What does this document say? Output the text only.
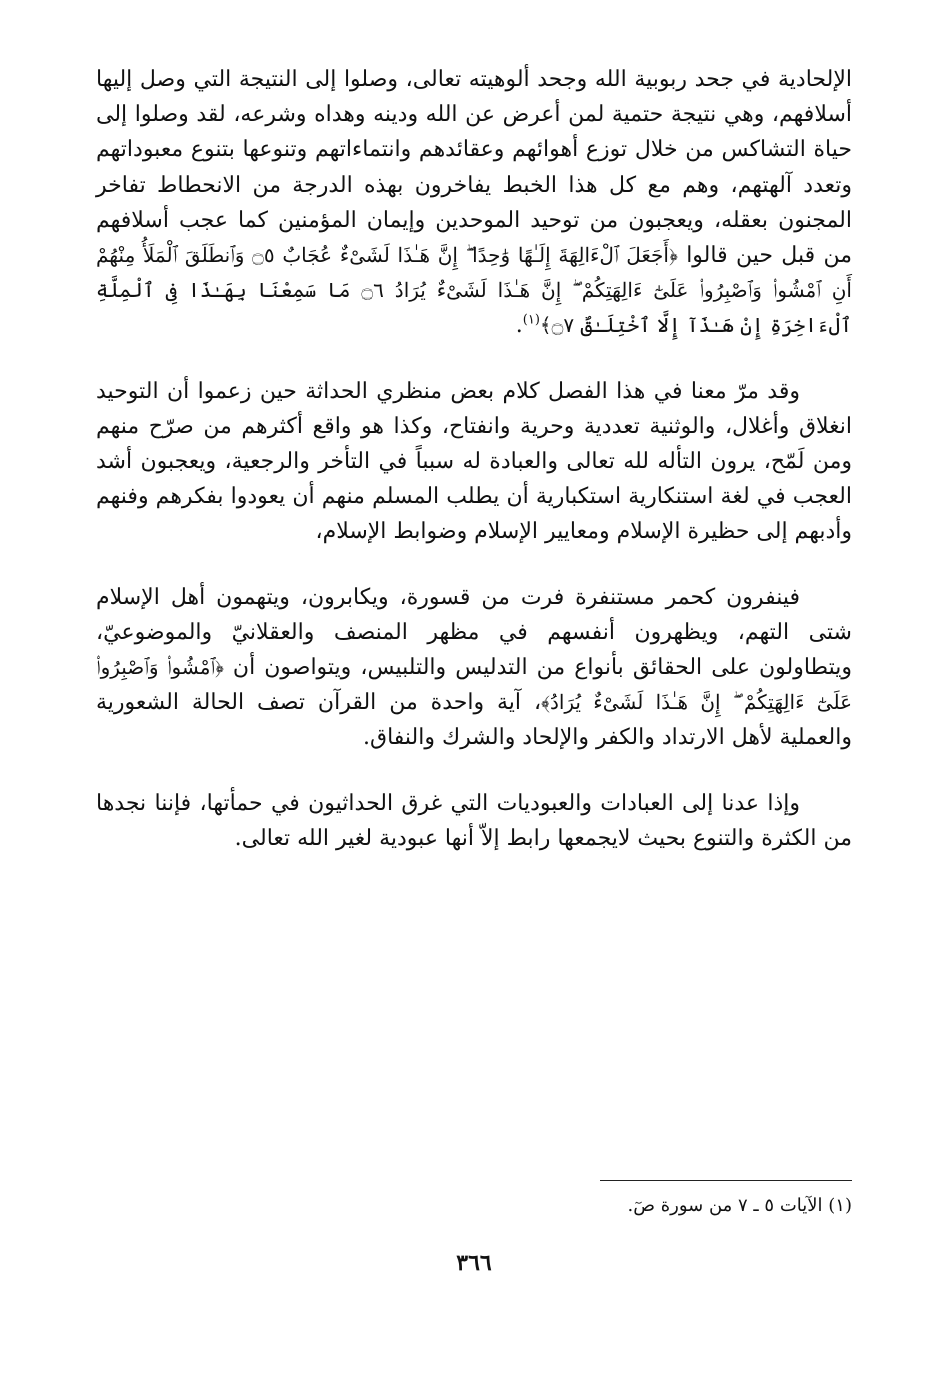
الإلحادية في جحد ربوبية الله وجحد ألوهيته تعالى، وصلوا إلى النتيجة التي وصل إليها أسلافهم، وهي نتيجة حتمية لمن أعرض عن الله ودينه وهداه وشرعه، لقد وصلوا إلى حياة التشاكس من خلال توزع أهوائهم وعقائدهم وانتماءاتهم وتنوعها بتنوع معبوداتهم وتعدد آلهتهم، وهم مع كل هذا الخبط يفاخرون بهذه الدرجة من الانحطاط تفاخر المجنون بعقله، ويعجبون من توحيد الموحدين وإيمان المؤمنين كما عجب أسلافهم من قبل حين قالوا ﴿أَجَعَلَ ٱلْءَالِهَةَ إِلَـٰهًا وَٰحِدًا ۖ إِنَّ هَـٰذَا لَشَىْءٌ عُجَابٌ ۝٥ وَٱنطَلَقَ ٱلْمَلَأُ مِنْهُمْ أَنِ ٱمْشُوا۟ وَٱصْبِرُوا۟ عَلَىٰٓ ءَالِهَتِكُمْ ۖ إِنَّ هَـٰذَا لَشَىْءٌ يُرَادُ ۝٦ مَا سَمِعْنَا بِهَـٰذَا فِى ٱلْمِلَّةِ ٱلْءَاخِرَةِ إِنْ هَـٰذَآ إِلَّا ٱخْتِلَـٰقٌ ۝٧﴾$^{(١)}$.

وقد مرّ معنا في هذا الفصل كلام بعض منظري الحداثة حين زعموا أن التوحيد انغلاق وأغلال، والوثنية تعددية وحرية وانفتاح، وكذا هو واقع أكثرهم من صرّح منهم ومن لَمّح، يرون التأله لله تعالى والعبادة له سبباً في التأخر والرجعية، ويعجبون أشد العجب في لغة استنكارية استكبارية أن يطلب المسلم منهم أن يعودوا بفكرهم وفنهم وأدبهم إلى حظيرة الإسلام ومعايير الإسلام وضوابط الإسلام،

فينفرون كحمر مستنفرة فرت من قسورة، ويكابرون، ويتهمون أهل الإسلام شتى التهم، ويظهرون أنفسهم في مظهر المنصف والعقلانيّ والموضوعيّ، ويتطاولون على الحقائق بأنواع من التدليس والتلبيس، ويتواصون أن ﴿ٱمْشُوا۟ وَٱصْبِرُوا۟ عَلَىٰٓ ءَالِهَتِكُمْ ۖ إِنَّ هَـٰذَا لَشَىْءٌ يُرَادُ﴾، آية واحدة من القرآن تصف الحالة الشعورية والعملية لأهل الارتداد والكفر والإلحاد والشرك والنفاق.

وإذا عدنا إلى العبادات والعبوديات التي غرق الحداثيون في حمأتها، فإننا نجدها من الكثرة والتنوع بحيث لايجمعها رابط إلاّ أنها عبودية لغير الله تعالى.

(١) الآيات ٥ ـ ٧ من سورة صٓ.
٣٦٦
